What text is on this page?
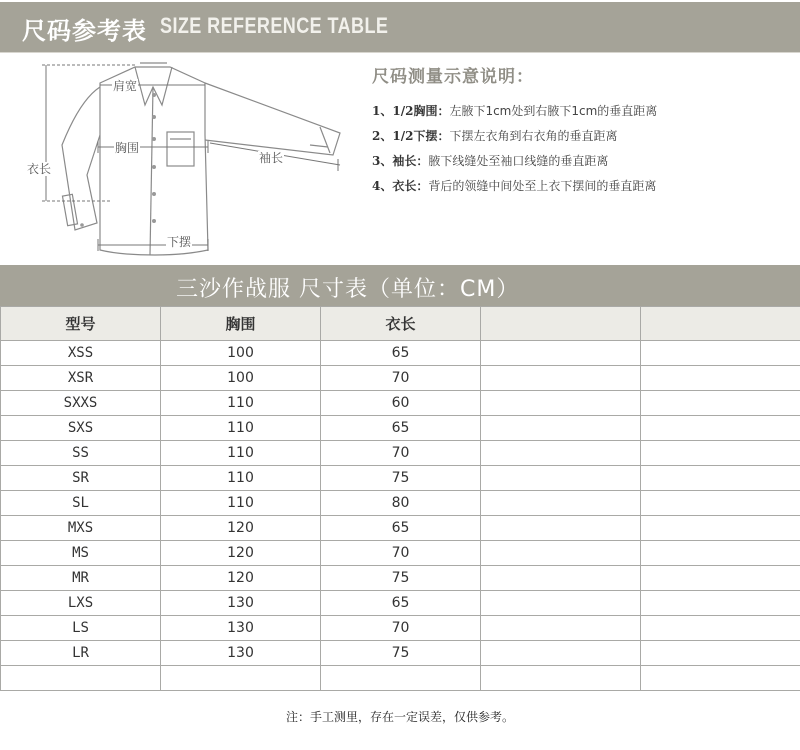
尺码参考表 SIZE REFERENCE TABLE
肩宽
胸围
衣长
袖长
下摆
尺码测量示意说明：
1、1/2胸围：左腋下1cm处到右腋下1cm的垂直距离
2、1/2下摆：下摆左衣角到右衣角的垂直距离
3、袖长：腋下线缝处至袖口线缝的垂直距离
4、衣长：背后的领缝中间处至上衣下摆间的垂直距离
三沙作战服 尺寸表（单位：CM）
型号	胸围	衣长		
XSS	100	65		
XSR	100	70		
SXXS	110	60		
SXS	110	65		
SS	110	70		
SR	110	75		
SL	110	80		
MXS	120	65		
MS	120	70		
MR	120	75		
LXS	130	65		
LS	130	70		
LR	130	75		

注：手工测里，存在一定误差，仅供参考。
